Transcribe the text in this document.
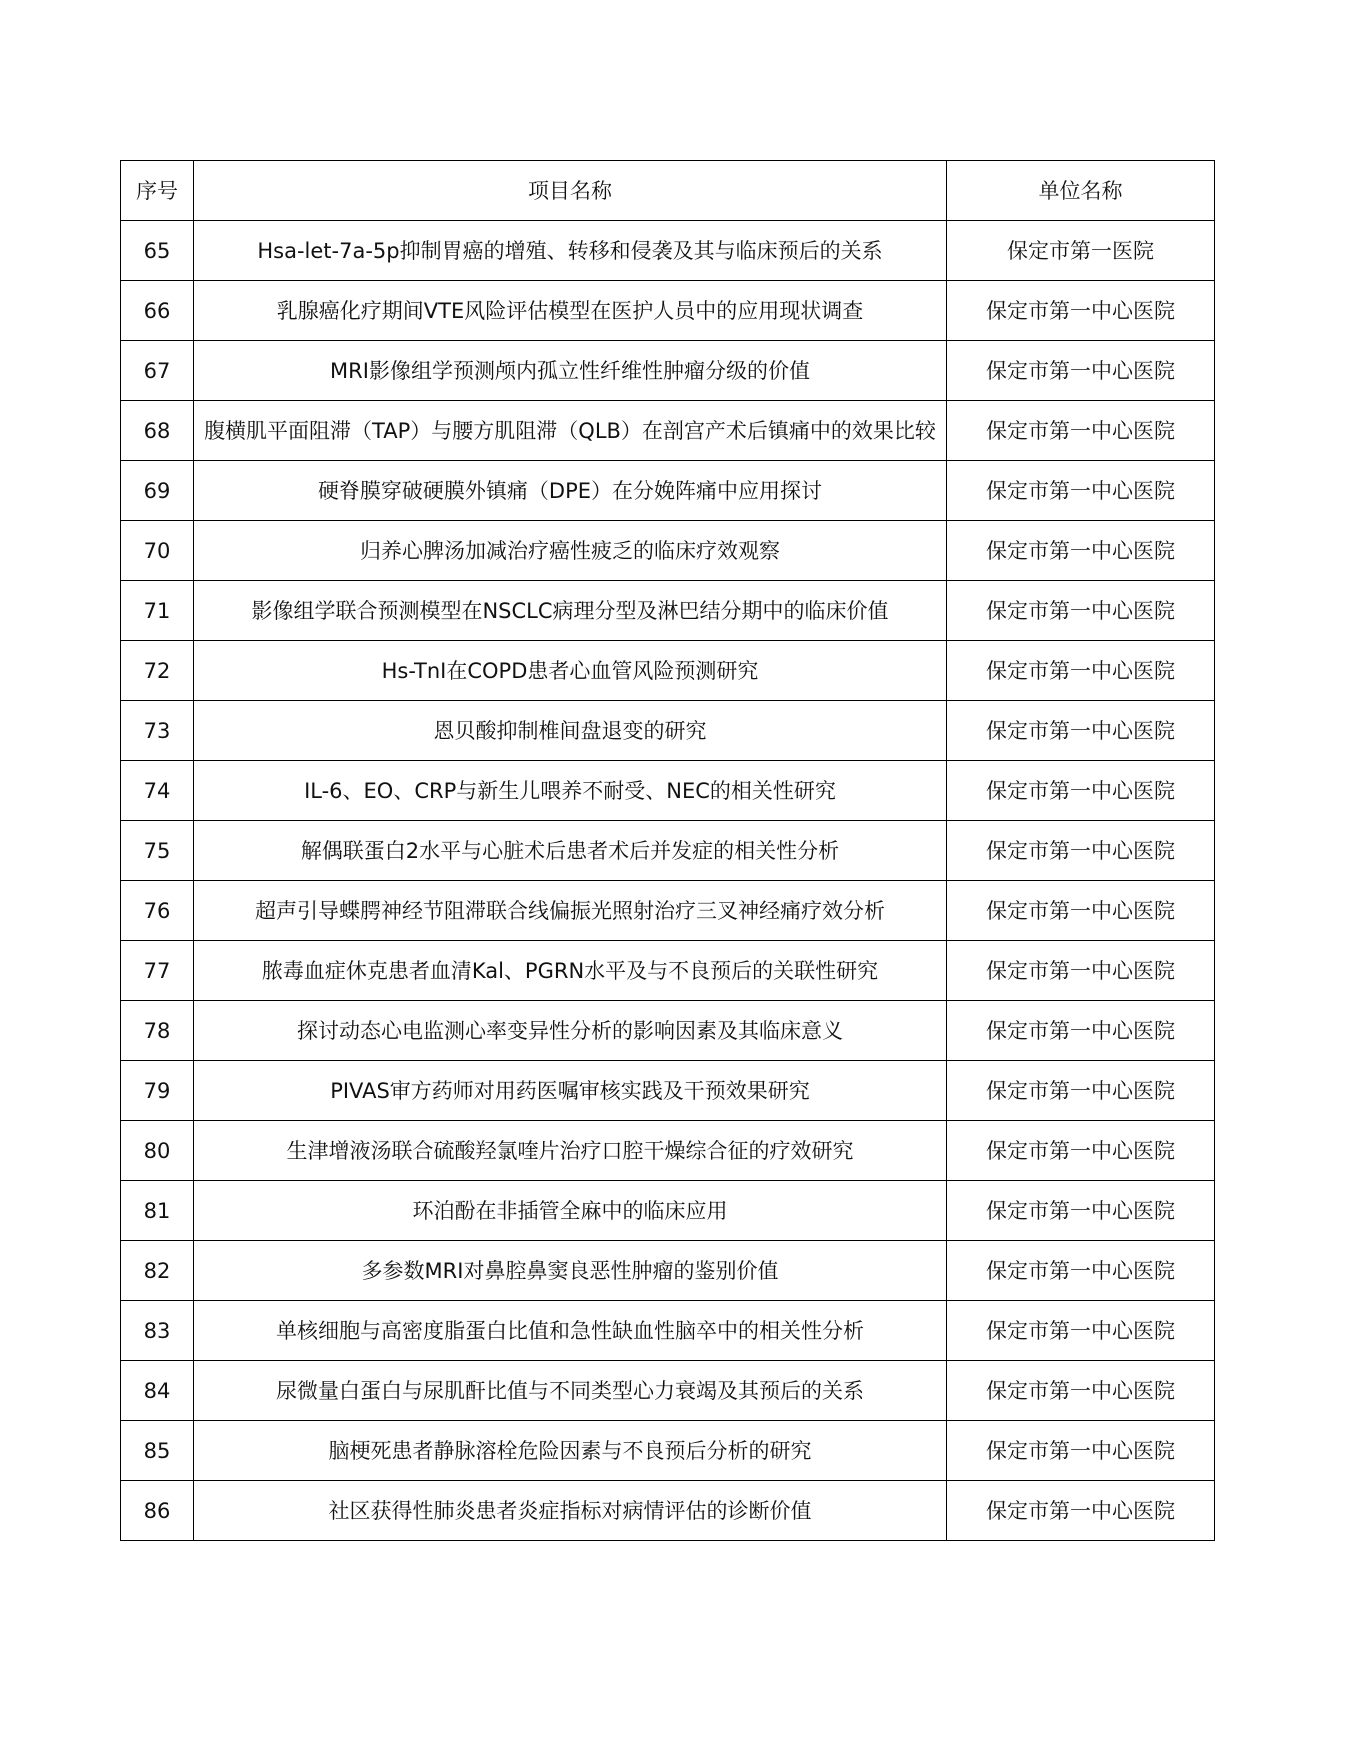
序号	项目名称	单位名称
65	Hsa-let-7a-5p抑制胃癌的增殖、转移和侵袭及其与临床预后的关系	保定市第一医院
66	乳腺癌化疗期间VTE风险评估模型在医护人员中的应用现状调查	保定市第一中心医院
67	MRI影像组学预测颅内孤立性纤维性肿瘤分级的价值	保定市第一中心医院
68	腹横肌平面阻滞（TAP）与腰方肌阻滞（QLB）在剖宫产术后镇痛中的效果比较	保定市第一中心医院
69	硬脊膜穿破硬膜外镇痛（DPE）在分娩阵痛中应用探讨	保定市第一中心医院
70	归养心脾汤加减治疗癌性疲乏的临床疗效观察	保定市第一中心医院
71	影像组学联合预测模型在NSCLC病理分型及淋巴结分期中的临床价值	保定市第一中心医院
72	Hs-TnI在COPD患者心血管风险预测研究	保定市第一中心医院
73	恩贝酸抑制椎间盘退变的研究	保定市第一中心医院
74	IL-6、EO、CRP与新生儿喂养不耐受、NEC的相关性研究	保定市第一中心医院
75	解偶联蛋白2水平与心脏术后患者术后并发症的相关性分析	保定市第一中心医院
76	超声引导蝶腭神经节阻滞联合线偏振光照射治疗三叉神经痛疗效分析	保定市第一中心医院
77	脓毒血症休克患者血清Kal、PGRN水平及与不良预后的关联性研究	保定市第一中心医院
78	探讨动态心电监测心率变异性分析的影响因素及其临床意义	保定市第一中心医院
79	PIVAS审方药师对用药医嘱审核实践及干预效果研究	保定市第一中心医院
80	生津增液汤联合硫酸羟氯喹片治疗口腔干燥综合征的疗效研究	保定市第一中心医院
81	环泊酚在非插管全麻中的临床应用	保定市第一中心医院
82	多参数MRI对鼻腔鼻窦良恶性肿瘤的鉴别价值	保定市第一中心医院
83	单核细胞与高密度脂蛋白比值和急性缺血性脑卒中的相关性分析	保定市第一中心医院
84	尿微量白蛋白与尿肌酐比值与不同类型心力衰竭及其预后的关系	保定市第一中心医院
85	脑梗死患者静脉溶栓危险因素与不良预后分析的研究	保定市第一中心医院
86	社区获得性肺炎患者炎症指标对病情评估的诊断价值	保定市第一中心医院
